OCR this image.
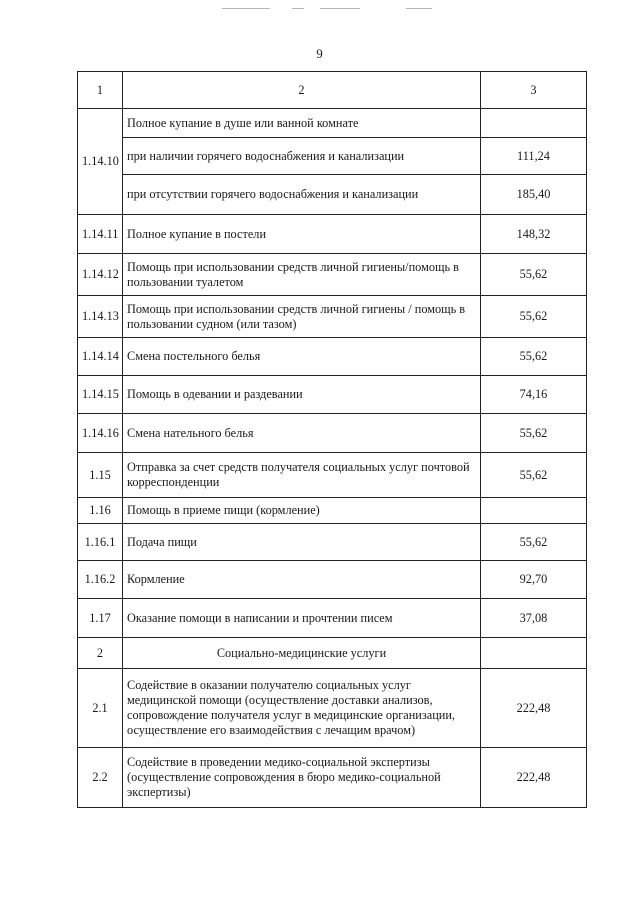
9
1	2	3
1.14.10	Полное купание в душе или ванной комнате	
	при наличии горячего водоснабжения и канализации	111,24
	при отсутствии горячего водоснабжения и канализации	185,40
1.14.11	Полное купание в постели	148,32
1.14.12	Помощь при использовании средств личной гигиены/помощь в пользовании туалетом	55,62
1.14.13	Помощь при использовании средств личной гигиены / помощь в пользовании судном (или тазом)	55,62
1.14.14	Смена постельного белья	55,62
1.14.15	Помощь в одевании и раздевании	74,16
1.14.16	Смена нательного белья	55,62
1.15	Отправка за счет средств получателя социальных услуг почтовой корреспонденции	55,62
1.16	Помощь в приеме пищи (кормление)	
1.16.1	Подача пищи	55,62
1.16.2	Кормление	92,70
1.17	Оказание помощи в написании и прочтении писем	37,08
2	Социально-медицинские услуги	
2.1	Содействие в оказании получателю социальных услуг медицинской помощи (осуществление доставки анализов, сопровождение получателя услуг в медицинские организации, осуществление его взаимодействия с лечащим врачом)	222,48
2.2	Содействие в проведении медико-социальной экспертизы (осуществление сопровождения в бюро медико-социальной экспертизы)	222,48
